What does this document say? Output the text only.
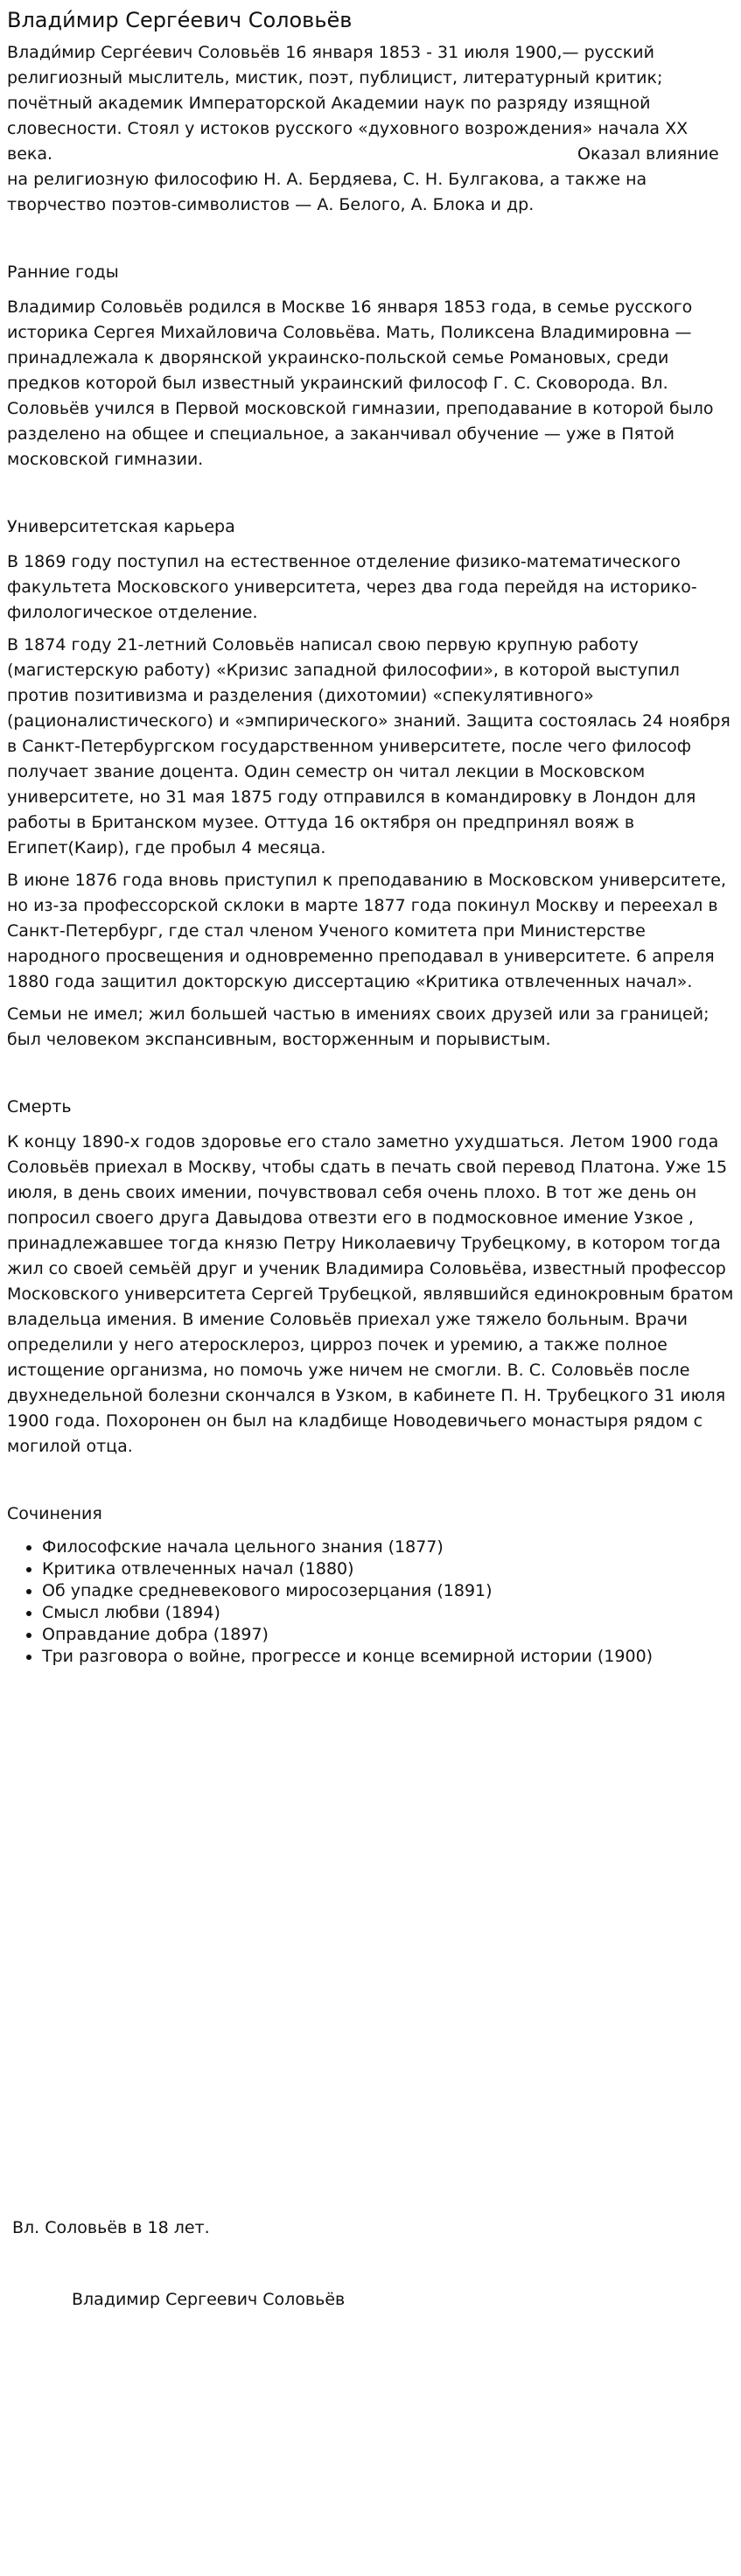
Влади́мир Серге́евич Соловьёв

Влади́мир Серге́евич Соловьёв 16 января 1853 - 31 июля 1900,— русский религиозный мыслитель, мистик, поэт, публицист, литературный критик; почётный академик Императорской Академии наук по разряду изящной словесности. Стоял у истоков русского «духовного возрождения» начала XX века.	Оказал влияние на религиозную философию Н. А. Бердяева, С. Н. Булгакова, а также на творчество поэтов-символистов — А. Белого, А. Блока и др.

Ранние годы

Владимир Соловьёв родился в Москве 16 января 1853 года, в семье русского историка Сергея Михайловича Соловьёва. Мать, Поликсена Владимировна — принадлежала к дворянской украинско-польской семье Романовых, среди предков которой был известный украинский философ Г. С. Сковорода. Вл. Соловьёв учился в Первой московской гимназии, преподавание в которой было разделено на общее и специальное, а заканчивал обучение — уже в Пятой московской гимназии.

Университетская карьера

В 1869 году поступил на естественное отделение физико-математического факультета Московского университета, через два года перейдя на историко-филологическое отделение.

В 1874 году 21-летний Соловьёв написал свою первую крупную работу (магистерскую работу) «Кризис западной философии», в которой выступил против позитивизма и разделения (дихотомии) «спекулятивного» (рационалистического) и «эмпирического» знаний. Защита состоялась 24 ноября в Санкт-Петербургском государственном университете, после чего философ получает звание доцента. Один семестр он читал лекции в Московском университете, но 31 мая 1875 году отправился в командировку в Лондон для работы в Британском музее. Оттуда 16 октября он предпринял вояж в Египет(Каир), где пробыл 4 месяца.

В июне 1876 года вновь приступил к преподаванию в Московском университете, но из-за профессорской склоки в марте 1877 года покинул Москву и переехал в Санкт-Петербург, где стал членом Ученого комитета при Министерстве народного просвещения и одновременно преподавал в университете. 6 апреля 1880 года защитил докторскую диссертацию «Критика отвлеченных начал».

Семьи не имел; жил большей частью в имениях своих друзей или за границей; был человеком экспансивным, восторженным и порывистым.

Смерть

К концу 1890-х годов здоровье его стало заметно ухудшаться. Летом 1900 года Соловьёв приехал в Москву, чтобы сдать в печать свой перевод Платона. Уже 15 июля, в день своих имении, почувствовал себя очень плохо. В тот же день он попросил своего друга Давыдова отвезти его в подмосковное имение Узкое , принадлежавшее тогда князю Петру Николаевичу Трубецкому, в котором тогда жил со своей семьёй друг и ученик Владимира Соловьёва, известный профессор Московского университета Сергей Трубецкой, являвшийся единокровным братом владельца имения. В имение Соловьёв приехал уже тяжело больным. Врачи определили у него атеросклероз, цирроз почек и уремию, а также полное истощение организма, но помочь уже ничем не смогли. В. С. Соловьёв после двухнедельной болезни скончался в Узком, в кабинете П. Н. Трубецкого 31 июля 1900 года. Похоронен он был на кладбище Новодевичьего монастыря рядом с могилой отца.

Сочинения
• Философские начала цельного знания (1877)
• Критика отвлеченных начал (1880)
• Об упадке средневекового миросозерцания (1891)
• Смысл любви (1894)
• Оправдание добра (1897)
• Три разговора о войне, прогрессе и конце всемирной истории (1900)
Вл. Соловьёв в 18 лет.
Владимир Сергеевич Соловьёв
